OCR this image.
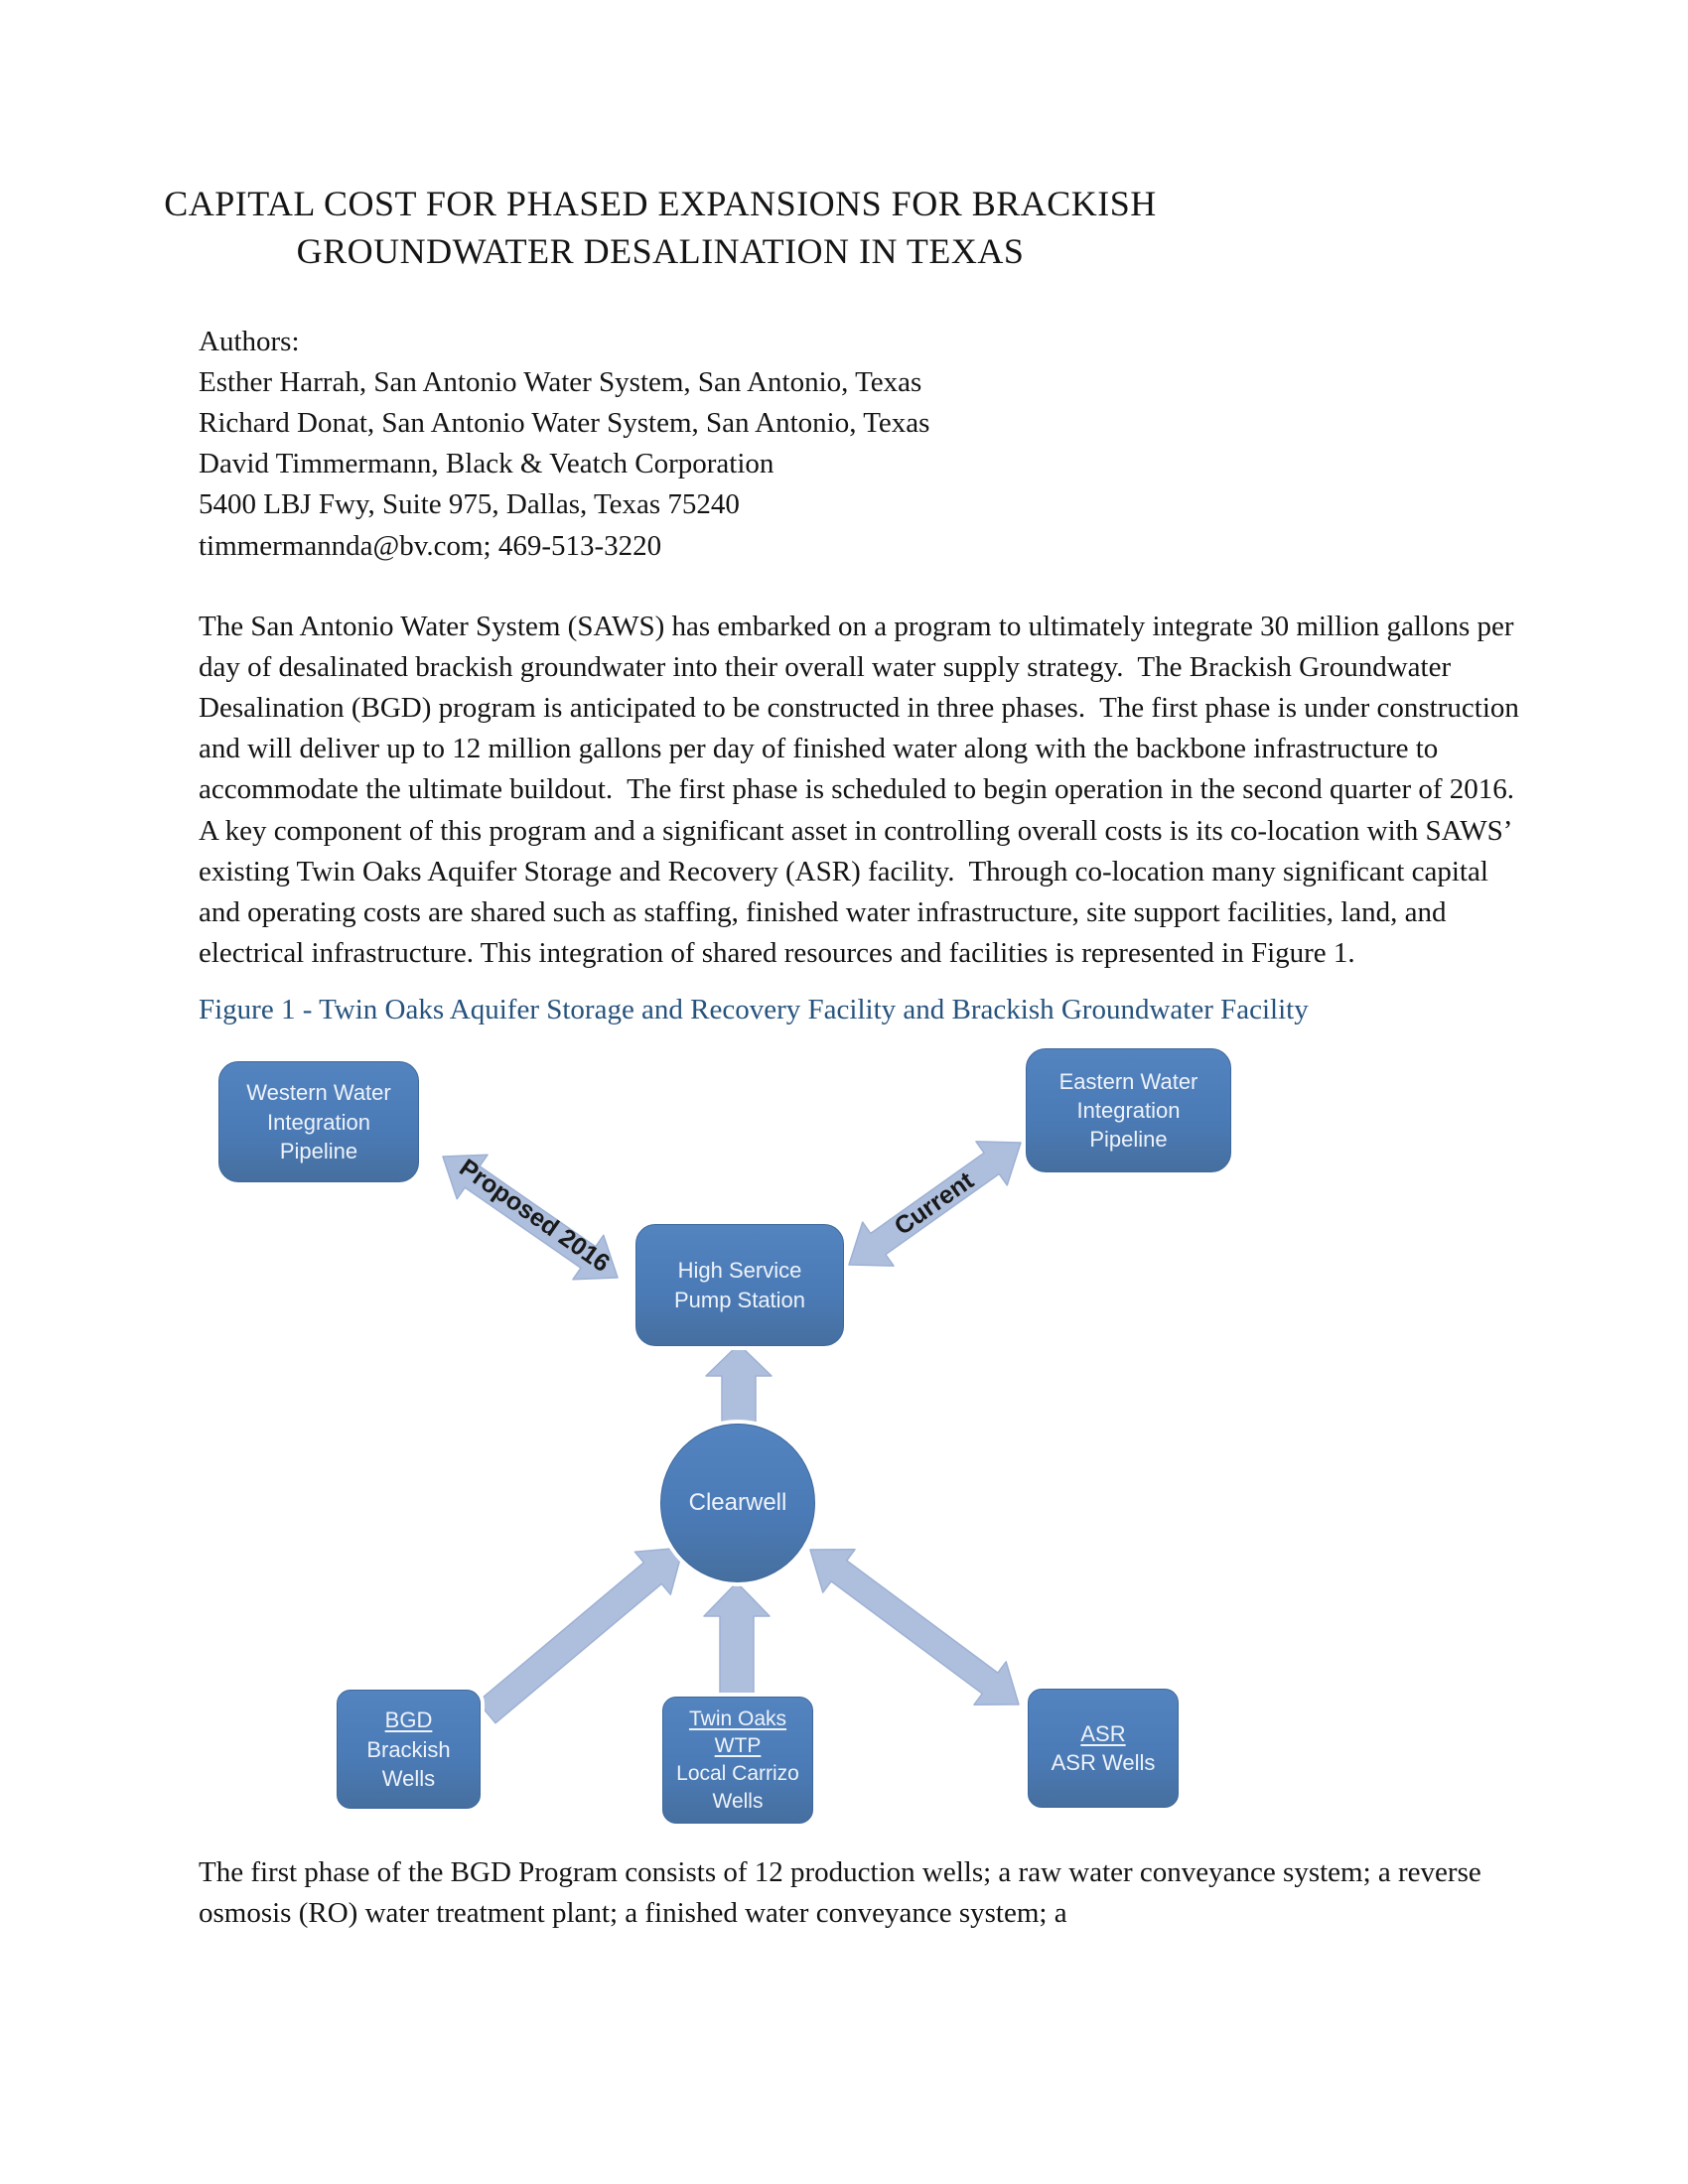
CAPITAL COST FOR PHASED EXPANSIONS FOR BRACKISH
GROUNDWATER DESALINATION IN TEXAS
Authors:
Esther Harrah, San Antonio Water System, San Antonio, Texas
Richard Donat, San Antonio Water System, San Antonio, Texas
David Timmermann, Black & Veatch Corporation
5400 LBJ Fwy, Suite 975, Dallas, Texas 75240
timmermannda@bv.com; 469-513-3220

The San Antonio Water System (SAWS) has embarked on a program to ultimately integrate 30 million gallons per day of desalinated brackish groundwater into their overall water supply strategy.  The Brackish Groundwater Desalination (BGD) program is anticipated to be constructed in three phases.  The first phase is under construction and will deliver up to 12 million gallons per day of finished water along with the backbone infrastructure to accommodate the ultimate buildout.  The first phase is scheduled to begin operation in the second quarter of 2016.  A key component of this program and a significant asset in controlling overall costs is its co-location with SAWS’ existing Twin Oaks Aquifer Storage and Recovery (ASR) facility.  Through co-location many significant capital and operating costs are shared such as staffing, finished water infrastructure, site support facilities, land, and electrical infrastructure. This integration of shared resources and facilities is represented in Figure 1.

Figure 1 - Twin Oaks Aquifer Storage and Recovery Facility and Brackish Groundwater Facility
Proposed 2016	Current
Western Water
Integration
Pipeline
Eastern Water
Integration
Pipeline
High Service
Pump Station
Clearwell
BGD
Brackish Wells
Twin Oaks
WTP
Local Carrizo
Wells
ASR
ASR Wells

The first phase of the BGD Program consists of 12 production wells; a raw water conveyance system; a reverse osmosis (RO) water treatment plant; a finished water conveyance system; a
